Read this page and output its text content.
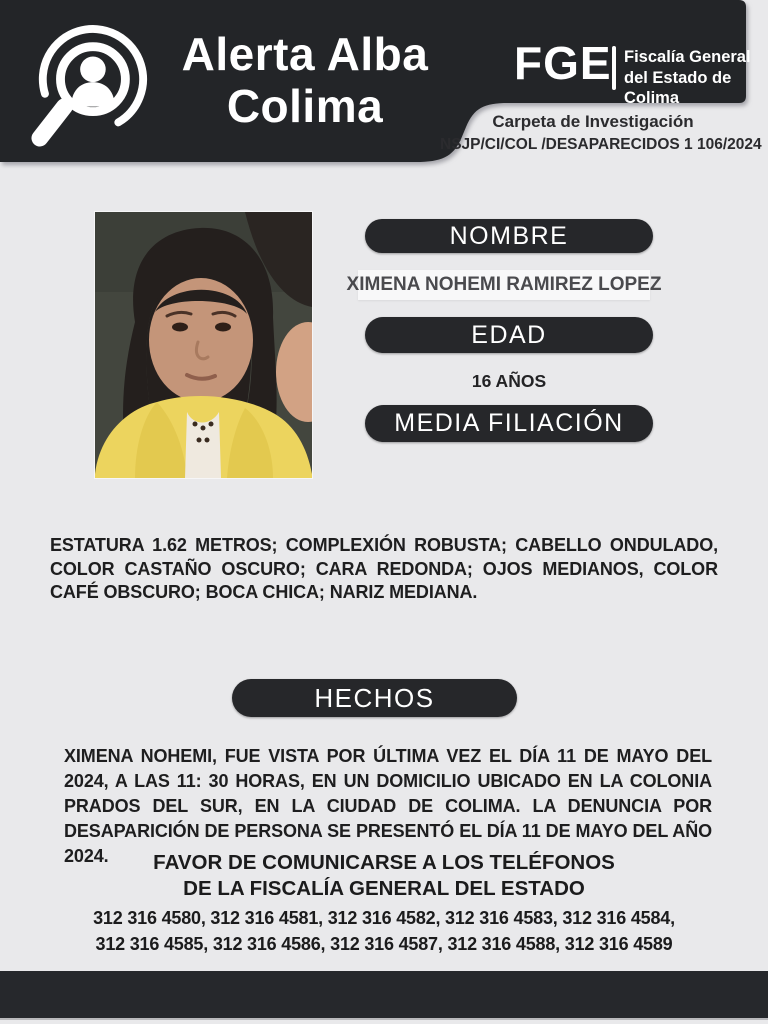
Alerta Alba
Colima
FGE Fiscalía General
del Estado de Colima
Carpeta de Investigación
NSJP/CI/COL /DESAPARECIDOS 1 106/2024
NOMBRE
XIMENA NOHEMI RAMIREZ LOPEZ
EDAD
16 AÑOS
MEDIA FILIACIÓN
ESTATURA 1.62 METROS; COMPLEXIÓN ROBUSTA; CABELLO ONDULADO, COLOR CASTAÑO OSCURO; CARA REDONDA; OJOS MEDIANOS, COLOR CAFÉ OBSCURO; BOCA CHICA; NARIZ MEDIANA.
HECHOS
XIMENA NOHEMI, FUE VISTA POR ÚLTIMA VEZ EL DÍA 11 DE MAYO DEL 2024, A LAS 11: 30 HORAS, EN UN DOMICILIO UBICADO EN LA COLONIA PRADOS DEL SUR, EN LA CIUDAD DE COLIMA. LA DENUNCIA POR DESAPARICIÓN DE PERSONA SE PRESENTÓ EL DÍA 11 DE MAYO DEL AÑO 2024.	FAVOR DE COMUNICARSE A LOS TELÉFONOS
DE LA FISCALÍA GENERAL DEL ESTADO
312 316 4580, 312 316 4581, 312 316 4582, 312 316 4583, 312 316 4584,
312 316 4585, 312 316 4586, 312 316 4587, 312 316 4588, 312 316 4589
